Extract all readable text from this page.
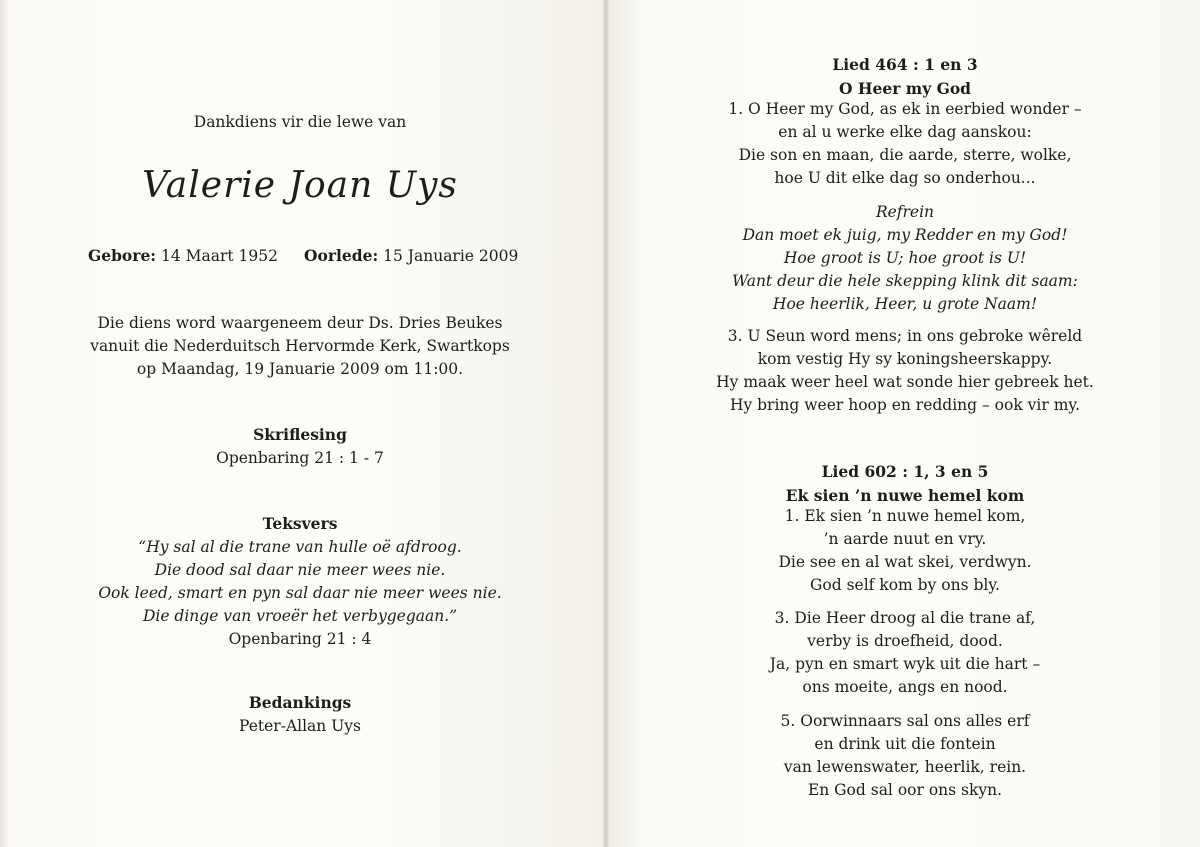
Dankdiens vir die lewe van
Valerie Joan Uys
Gebore: 14 Maart 1952 Oorlede: 15 Januarie 2009
Die diens word waargeneem deur Ds. Dries Beukes
vanuit die Nederduitsch Hervormde Kerk, Swartkops
op Maandag, 19 Januarie 2009 om 11:00.
Skriflesing
Openbaring 21 : 1 - 7
Teksvers
“Hy sal al die trane van hulle oë afdroog.
Die dood sal daar nie meer wees nie.
Ook leed, smart en pyn sal daar nie meer wees nie.
Die dinge van vroeër het verbygegaan.”
Openbaring 21 : 4
Bedankings
Peter-Allan Uys
Lied 464 : 1 en 3
O Heer my God
1. O Heer my God, as ek in eerbied wonder –
en al u werke elke dag aanskou:
Die son en maan, die aarde, sterre, wolke,
hoe U dit elke dag so onderhou...
Refrein
Dan moet ek juig, my Redder en my God!
Hoe groot is U; hoe groot is U!
Want deur die hele skepping klink dit saam:
Hoe heerlik, Heer, u grote Naam!
3. U Seun word mens; in ons gebroke wêreld
kom vestig Hy sy koningsheerskappy.
Hy maak weer heel wat sonde hier gebreek het.
Hy bring weer hoop en redding – ook vir my.
Lied 602 : 1, 3 en 5
Ek sien ’n nuwe hemel kom
1. Ek sien ’n nuwe hemel kom,
’n aarde nuut en vry.
Die see en al wat skei, verdwyn.
God self kom by ons bly.
3. Die Heer droog al die trane af,
verby is droefheid, dood.
Ja, pyn en smart wyk uit die hart –
ons moeite, angs en nood.
5. Oorwinnaars sal ons alles erf
en drink uit die fontein
van lewenswater, heerlik, rein.
En God sal oor ons skyn.
